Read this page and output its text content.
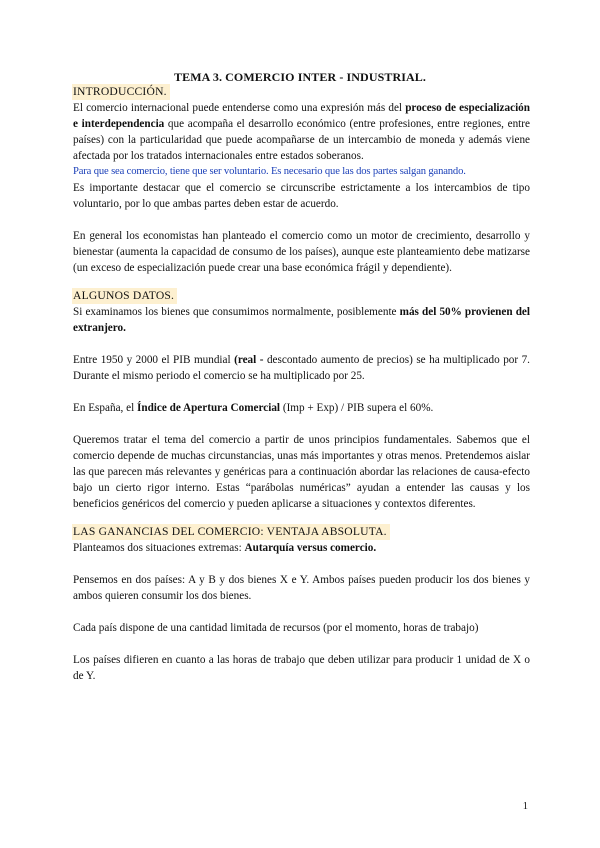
TEMA 3. COMERCIO INTER - INDUSTRIAL.
INTRODUCCIÓN.

El comercio internacional puede entenderse como una expresión más del proceso de especialización e interdependencia que acompaña el desarrollo económico (entre profesiones, entre regiones, entre países) con la particularidad que puede acompañarse de un intercambio de moneda y además viene afectada por los tratados internacionales entre estados soberanos.

Para que sea comercio, tiene que ser voluntario. Es necesario que las dos partes salgan ganando.

Es importante destacar que el comercio se circunscribe estrictamente a los intercambios de tipo voluntario, por lo que ambas partes deben estar de acuerdo.

En general los economistas han planteado el comercio como un motor de crecimiento, desarrollo y bienestar (aumenta la capacidad de consumo de los países), aunque este planteamiento debe matizarse (un exceso de especialización puede crear una base económica frágil y dependiente).

ALGUNOS DATOS.

Si examinamos los bienes que consumimos normalmente, posiblemente más del 50% provienen del extranjero.

Entre 1950 y 2000 el PIB mundial (real - descontado aumento de precios) se ha multiplicado por 7. Durante el mismo periodo el comercio se ha multiplicado por 25.

En España, el Índice de Apertura Comercial (Imp + Exp) / PIB supera el 60%.

Queremos tratar el tema del comercio a partir de unos principios fundamentales. Sabemos que el comercio depende de muchas circunstancias, unas más importantes y otras menos. Pretendemos aislar las que parecen más relevantes y genéricas para a continuación abordar las relaciones de causa-efecto bajo un cierto rigor interno. Estas “parábolas numéricas” ayudan a entender las causas y los beneficios genéricos del comercio y pueden aplicarse a situaciones y contextos diferentes.

LAS GANANCIAS DEL COMERCIO: VENTAJA ABSOLUTA.

Planteamos dos situaciones extremas: Autarquía versus comercio.

Pensemos en dos países: A y B y dos bienes X e Y. Ambos países pueden producir los dos bienes y ambos quieren consumir los dos bienes.

Cada país dispone de una cantidad limitada de recursos (por el momento, horas de trabajo)

Los países difieren en cuanto a las horas de trabajo que deben utilizar para producir 1 unidad de X o de Y.

1
